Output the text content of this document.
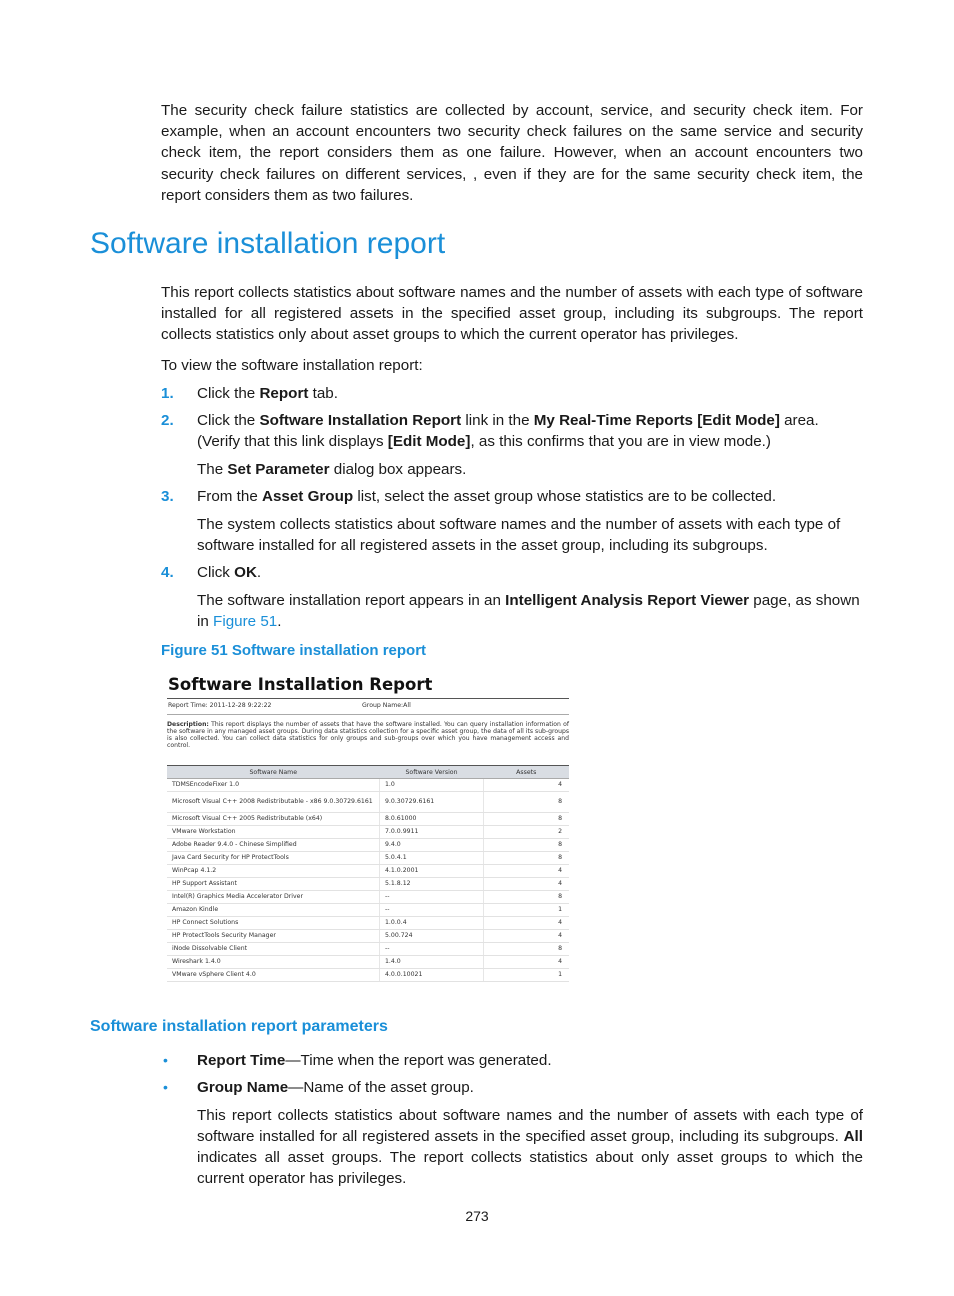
The security check failure statistics are collected by account, service, and security check item. For example, when an account encounters two security check failures on the same service and security check item, the report considers them as one failure. However, when an account encounters two security check failures on different services, , even if they are for the same security check item, the report considers them as two failures.

Software installation report

This report collects statistics about software names and the number of assets with each type of software installed for all registered assets in the specified asset group, including its subgroups. The report collects statistics only about asset groups to which the current operator has privileges.

To view the software installation report:

1.	Click the Report tab.

2.	Click the Software Installation Report link in the My Real-Time Reports [Edit Mode] area. (Verify that this link displays [Edit Mode], as this confirms that you are in view mode.)

The Set Parameter dialog box appears.

3.	From the Asset Group list, select the asset group whose statistics are to be collected.

The system collects statistics about software names and the number of assets with each type of software installed for all registered assets in the asset group, including its subgroups.

4.	Click OK.

The software installation report appears in an Intelligent Analysis Report Viewer page, as shown in Figure 51.

Figure 51 Software installation report
Software Installation Report
Report Time: 2011-12-28 9:22:22	Group Name:All
Description: This report displays the number of assets that have the software installed. You can query installation information of the software in any managed asset groups. During data statistics collection for a specific asset group, the data of all its sub-groups is also collected. You can collect data statistics for only groups and sub-groups over which you have management access and control.
Software Name	Software Version	Assets
TDMSEncodeFixer 1.0	1.0	4
Microsoft Visual C++ 2008 Redistributable - x86 9.0.30729.6161	9.0.30729.6161	8
Microsoft Visual C++ 2005 Redistributable (x64)	8.0.61000	8
VMware Workstation	7.0.0.9911	2
Adobe Reader 9.4.0 - Chinese Simplified	9.4.0	8
Java Card Security for HP ProtectTools	5.0.4.1	8
WinPcap 4.1.2	4.1.0.2001	4
HP Support Assistant	5.1.8.12	4
Intel(R) Graphics Media Accelerator Driver	--	8
Amazon Kindle	--	1
HP Connect Solutions	1.0.0.4	4
HP ProtectTools Security Manager	5.00.724	4
iNode Dissolvable Client	--	8
Wireshark 1.4.0	1.4.0	4
VMware vSphere Client 4.0	4.0.0.10021	1
Software installation report parameters
•	Report Time—Time when the report was generated.

•	Group Name—Name of the asset group.

This report collects statistics about software names and the number of assets with each type of software installed for all registered assets in the specified asset group, including its subgroups. All indicates all asset groups. The report collects statistics about only asset groups to which the current operator has privileges.

273
